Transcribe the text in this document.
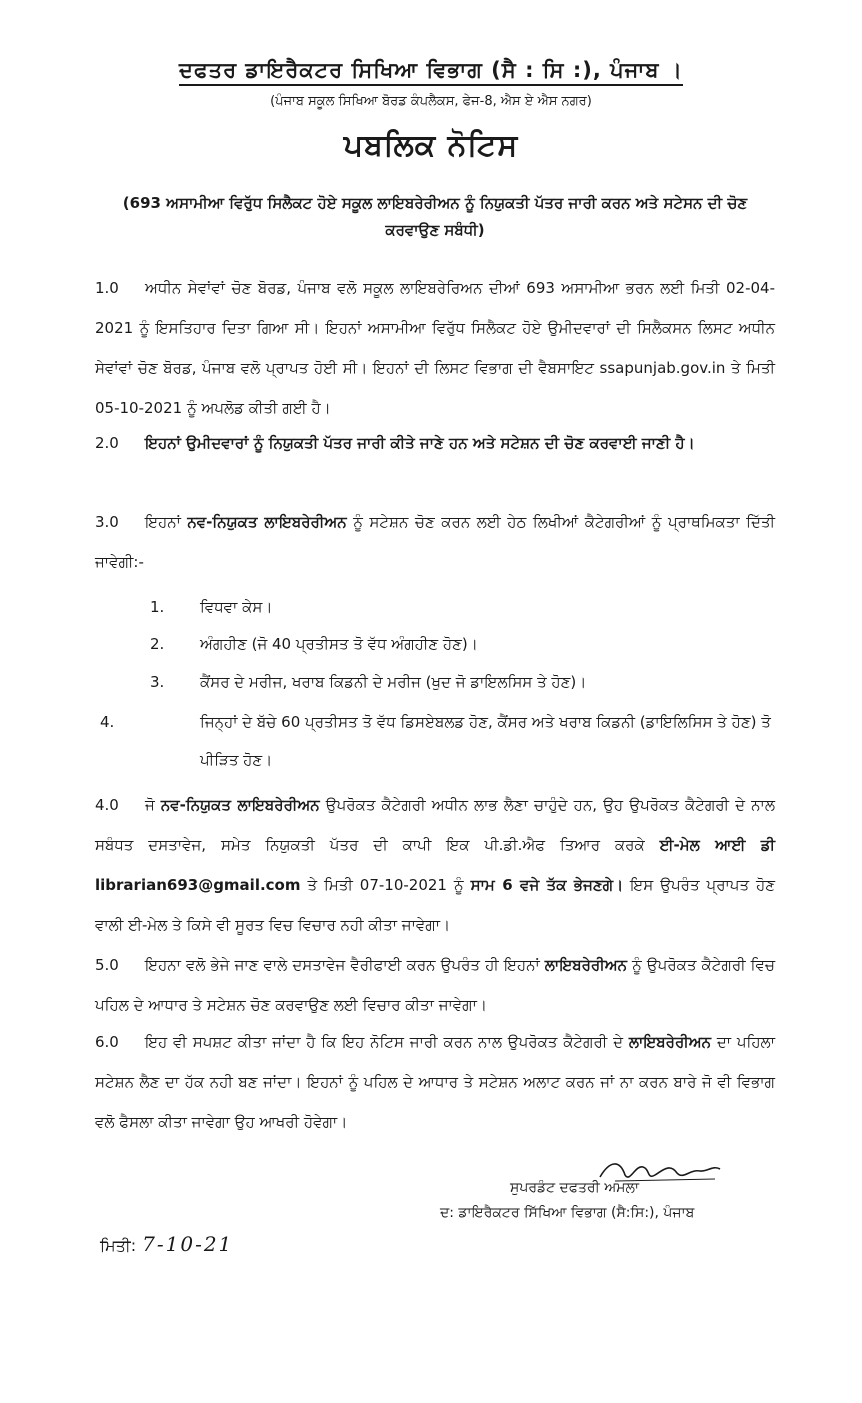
ਦਫਤਰ ਡਾਇਰੈਕਟਰ ਸਿਖਿਆ ਵਿਭਾਗ (ਸੈ : ਸਿ :), ਪੰਜਾਬ ।
(ਪੰਜਾਬ ਸਕੂਲ ਸਿਖਿਆ ਬੋਰਡ ਕੰਪਲੈਕਸ, ਫੇਜ-8, ਐਸ ਏ ਐਸ ਨਗਰ)
ਪਬਲਿਕ ਨੋਟਿਸ
(693 ਅਸਾਮੀਆ ਵਿਰੁੱਧ ਸਿਲੈਕਟ ਹੋਏ ਸਕੂਲ ਲਾਇਬਰੇਰੀਅਨ ਨੂੰ ਨਿਯੁਕਤੀ ਪੱਤਰ ਜਾਰੀ ਕਰਨ ਅਤੇ ਸਟੇਸਨ ਦੀ ਚੋਣ ਕਰਵਾਉਣ ਸਬੰਧੀ)
1.0 ਅਧੀਨ ਸੇਵਾਂਵਾਂ ਚੋਣ ਬੋਰਡ, ਪੰਜਾਬ ਵਲੋ ਸਕੂਲ ਲਾਇਬਰੇਰਿਅਨ ਦੀਆਂ 693 ਅਸਾਮੀਆ ਭਰਨ ਲਈ ਮਿਤੀ 02-04-2021 ਨੂੰ ਇਸਤਿਹਾਰ ਦਿਤਾ ਗਿਆ ਸੀ। ਇਹਨਾਂ ਅਸਾਮੀਆ ਵਿਰੁੱਧ ਸਿਲੈਕਟ ਹੋਏ ਉਮੀਦਵਾਰਾਂ ਦੀ ਸਿਲੈਕਸਨ ਲਿਸਟ ਅਧੀਨ ਸੇਵਾਂਵਾਂ ਚੋਣ ਬੋਰਡ, ਪੰਜਾਬ ਵਲੋ ਪ੍ਰਾਪਤ ਹੋਈ ਸੀ। ਇਹਨਾਂ ਦੀ ਲਿਸਟ ਵਿਭਾਗ ਦੀ ਵੈਬਸਾਇਟ ssapunjab.gov.in ਤੇ ਮਿਤੀ 05-10-2021 ਨੂੰ ਅਪਲੋਡ ਕੀਤੀ ਗਈ ਹੈ।
2.0 ਇਹਨਾਂ ਉਮੀਦਵਾਰਾਂ ਨੂੰ ਨਿਯੁਕਤੀ ਪੱਤਰ ਜਾਰੀ ਕੀਤੇ ਜਾਣੇ ਹਨ ਅਤੇ ਸਟੇਸ਼ਨ ਦੀ ਚੋਣ ਕਰਵਾਈ ਜਾਣੀ ਹੈ।
3.0 ਇਹਨਾਂ ਨਵ-ਨਿਯੁਕਤ ਲਾਇਬਰੇਰੀਅਨ ਨੂੰ ਸਟੇਸ਼ਨ ਚੋਣ ਕਰਨ ਲਈ ਹੇਠ ਲਿਖੀਆਂ ਕੈਟੇਗਰੀਆਂ ਨੂੰ ਪ੍ਰਾਥਮਿਕਤਾ ਦਿੱਤੀ ਜਾਵੇਗੀ:-
1. ਵਿਧਵਾ ਕੇਸ।
2. ਅੰਗਹੀਣ (ਜੋ 40 ਪ੍ਰਤੀਸਤ ਤੋ ਵੱਧ ਅੰਗਹੀਣ ਹੋਣ)।
3. ਕੈਂਸਰ ਦੇ ਮਰੀਜ, ਖਰਾਬ ਕਿਡਨੀ ਦੇ ਮਰੀਜ (ਖੁਦ ਜੋ ਡਾਇਲਸਿਸ ਤੇ ਹੋਣ)।
4.	ਜਿਨ੍ਹਾਂ ਦੇ ਬੱਚੇ 60 ਪ੍ਰਤੀਸਤ ਤੋ ਵੱਧ ਡਿਸਏਬਲਡ ਹੋਣ, ਕੈਂਸਰ ਅਤੇ ਖਰਾਬ ਕਿਡਨੀ (ਡਾਇਲਿਸਿਸ ਤੇ ਹੋਣ) ਤੋ ਪੀੜਿਤ ਹੋਣ।
4.0 ਜੋ ਨਵ-ਨਿਯੁਕਤ ਲਾਇਬਰੇਰੀਅਨ ਉਪਰੋਕਤ ਕੈਟੇਗਰੀ ਅਧੀਨ ਲਾਭ ਲੈਣਾ ਚਾਹੁੰਦੇ ਹਨ, ਉਹ ਉਪਰੋਕਤ ਕੈਟੇਗਰੀ ਦੇ ਨਾਲ ਸਬੰਧਤ ਦਸਤਾਵੇਜ, ਸਮੇਤ ਨਿਯੁਕਤੀ ਪੱਤਰ ਦੀ ਕਾਪੀ ਇਕ ਪੀ.ਡੀ.ਐਫ ਤਿਆਰ ਕਰਕੇ ਈ-ਮੇਲ ਆਈ ਡੀ librarian693@gmail.com ਤੇ ਮਿਤੀ 07-10-2021 ਨੂੰ ਸਾਮ 6 ਵਜੇ ਤੱਕ ਭੇਜਣਗੇ। ਇਸ ਉਪਰੰਤ ਪ੍ਰਾਪਤ ਹੋਣ ਵਾਲੀ ਈ-ਮੇਲ ਤੇ ਕਿਸੇ ਵੀ ਸੂਰਤ ਵਿਚ ਵਿਚਾਰ ਨਹੀ ਕੀਤਾ ਜਾਵੇਗਾ।
5.0 ਇਹਨਾ ਵਲੋ ਭੇਜੇ ਜਾਣ ਵਾਲੇ ਦਸਤਾਵੇਜ ਵੈਰੀਫਾਈ ਕਰਨ ਉਪਰੰਤ ਹੀ ਇਹਨਾਂ ਲਾਇਬਰੇਰੀਅਨ ਨੂੰ ਉਪਰੋਕਤ ਕੈਟੇਗਰੀ ਵਿਚ ਪਹਿਲ ਦੇ ਆਧਾਰ ਤੇ ਸਟੇਸ਼ਨ ਚੋਣ ਕਰਵਾਉਣ ਲਈ ਵਿਚਾਰ ਕੀਤਾ ਜਾਵੇਗਾ।
6.0 ਇਹ ਵੀ ਸਪਸ਼ਟ ਕੀਤਾ ਜਾਂਦਾ ਹੈ ਕਿ ਇਹ ਨੋਟਿਸ ਜਾਰੀ ਕਰਨ ਨਾਲ ਉਪਰੋਕਤ ਕੈਟੇਗਰੀ ਦੇ ਲਾਇਬਰੇਰੀਅਨ ਦਾ ਪਹਿਲਾ ਸਟੇਸ਼ਨ ਲੈਣ ਦਾ ਹੱਕ ਨਹੀ ਬਣ ਜਾਂਦਾ। ਇਹਨਾਂ ਨੂੰ ਪਹਿਲ ਦੇ ਆਧਾਰ ਤੇ ਸਟੇਸ਼ਨ ਅਲਾਟ ਕਰਨ ਜਾਂ ਨਾ ਕਰਨ ਬਾਰੇ ਜੋ ਵੀ ਵਿਭਾਗ ਵਲੋ ਫੈਸਲਾ ਕੀਤਾ ਜਾਵੇਗਾ ਉਹ ਆਖਰੀ ਹੋਵੇਗਾ।
ਸੁਪਰਡੰਟ ਦਫਤਰੀ ਅਮਲਾ
ਦ: ਡਾਇਰੈਕਟਰ ਸਿੱਖਿਆ ਵਿਭਾਗ (ਸੈ:ਸਿ:), ਪੰਜਾਬ
ਮਿਤੀ: 7-10-21
